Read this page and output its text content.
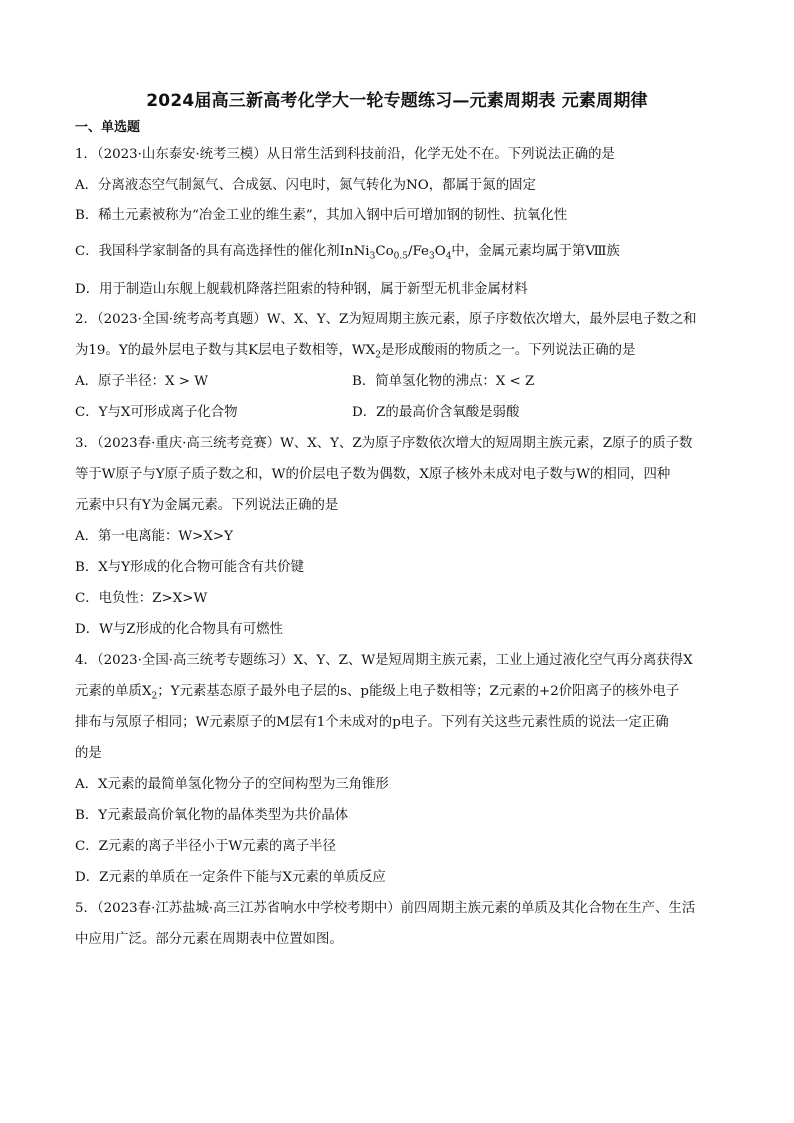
2024届高三新高考化学大一轮专题练习—元素周期表 元素周期律
一、单选题
1．（2023·山东泰安·统考三模）从日常生活到科技前沿，化学无处不在。下列说法正确的是
A．分离液态空气制氮气、合成氨、闪电时，氮气转化为NO，都属于氮的固定
B．稀土元素被称为“冶金工业的维生素”，其加入钢中后可增加钢的韧性、抗氧化性
C．我国科学家制备的具有高选择性的催化剂$InNi_3Co_{0.5}/Fe_3O_4$中，金属元素均属于第Ⅷ族
D．用于制造山东舰上舰载机降落拦阻索的特种钢，属于新型无机非金属材料
2．（2023·全国·统考高考真题）W、X、Y、Z为短周期主族元素，原子序数依次增大，最外层电子数之和
为19。Y的最外层电子数与其K层电子数相等，$WX_2$是形成酸雨的物质之一。下列说法正确的是
A．原子半径：X > W	B．简单氢化物的沸点：X < Z
C．Y与X可形成离子化合物	D．Z的最高价含氧酸是弱酸
3．（2023春·重庆·高三统考竞赛）W、X、Y、Z为原子序数依次增大的短周期主族元素，Z原子的质子数
等于W原子与Y原子质子数之和，W的价层电子数为偶数，X原子核外未成对电子数与W的相同，四种
元素中只有Y为金属元素。下列说法正确的是
A．第一电离能：W>X>Y
B．X与Y形成的化合物可能含有共价键
C．电负性：Z>X>W
D．W与Z形成的化合物具有可燃性
4．（2023·全国·高三统考专题练习）X、Y、Z、W是短周期主族元素，工业上通过液化空气再分离获得X
元素的单质$X_2$；Y元素基态原子最外电子层的s、p能级上电子数相等；Z元素的+2价阳离子的核外电子
排布与氖原子相同；W元素原子的M层有1个未成对的p电子。下列有关这些元素性质的说法一定正确
的是
A．X元素的最简单氢化物分子的空间构型为三角锥形
B．Y元素最高价氧化物的晶体类型为共价晶体
C．Z元素的离子半径小于W元素的离子半径
D．Z元素的单质在一定条件下能与X元素的单质反应
5．（2023春·江苏盐城·高三江苏省响水中学校考期中）前四周期主族元素的单质及其化合物在生产、生活
中应用广泛。部分元素在周期表中位置如图。
